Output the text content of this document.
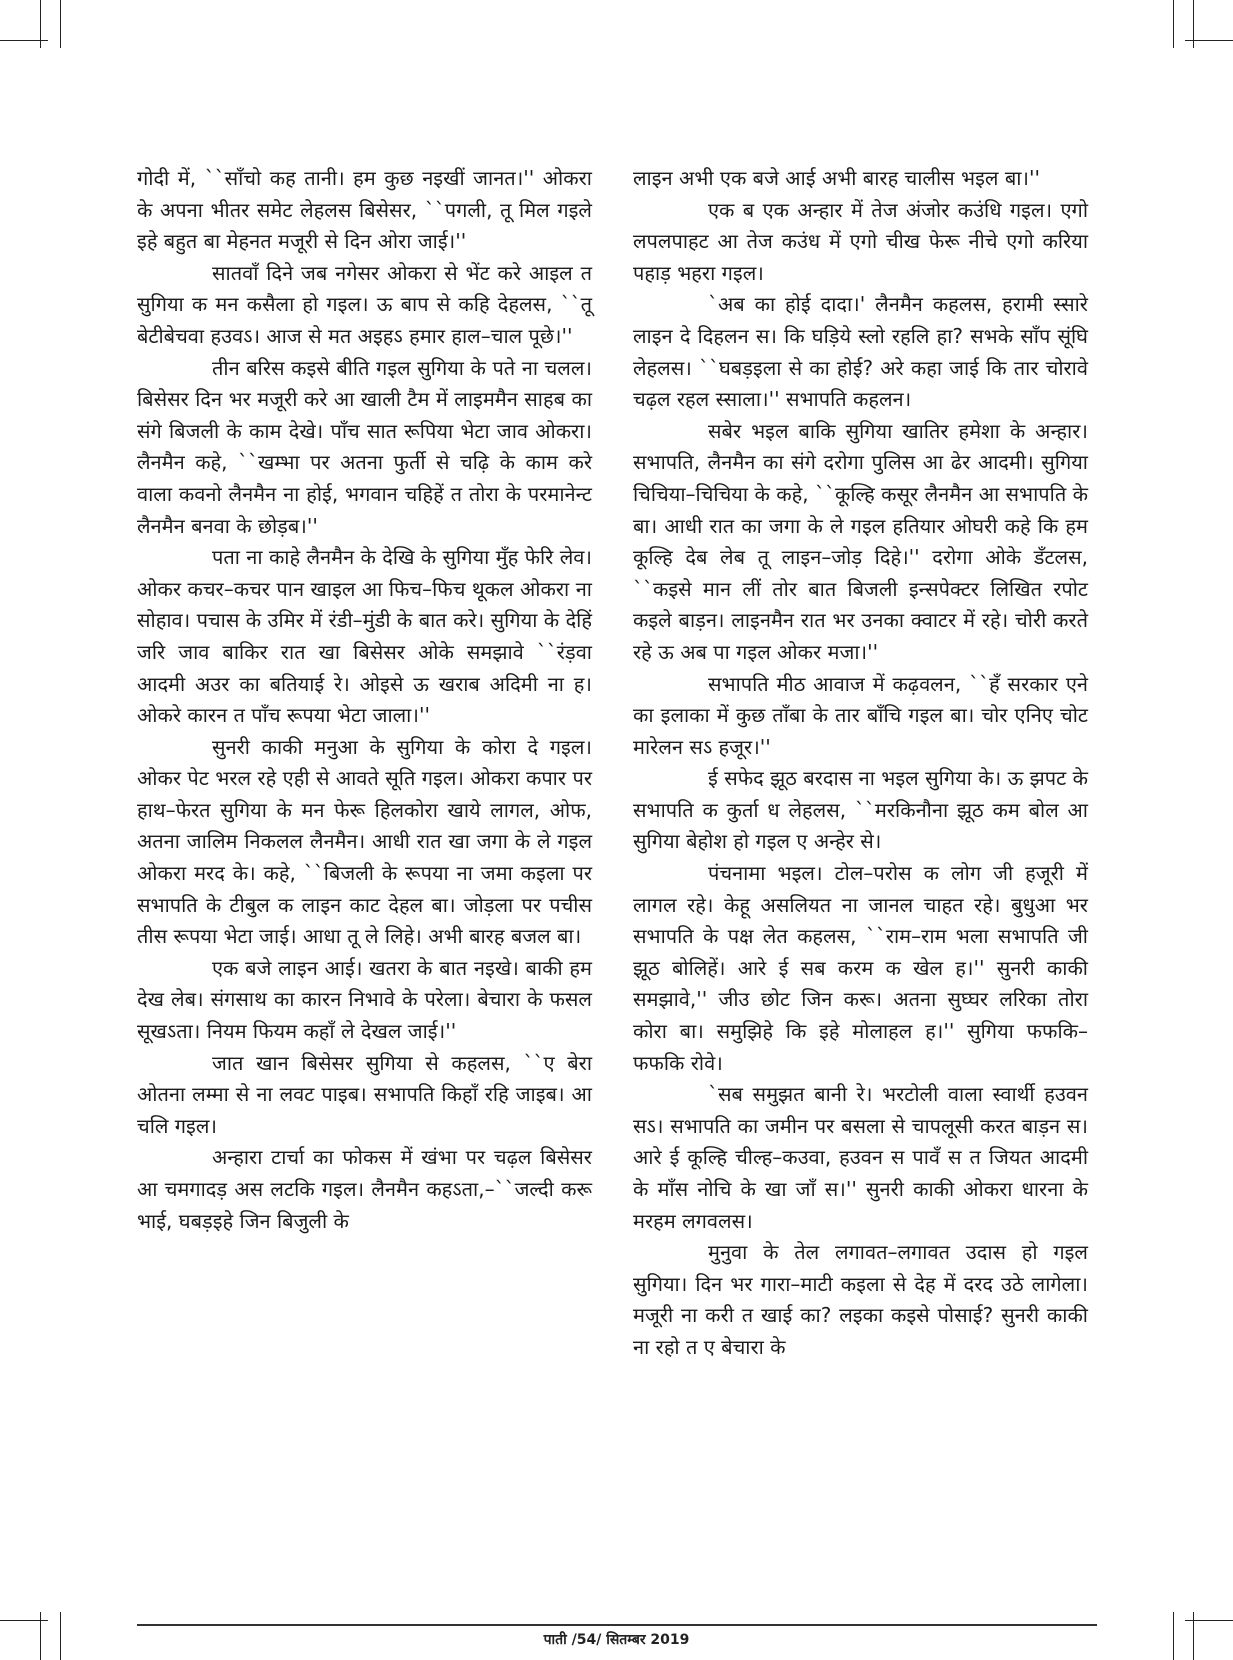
गोदी में, ``साँचो कह तानी। हम कुछ नइखीं जानत।'' ओकरा के अपना भीतर समेट लेहलस बिसेसर, ``पगली, तू मिल गइले इहे बहुत बा मेहनत मजूरी से दिन ओरा जाई।''

सातवाँ दिने जब नगेसर ओकरा से भेंट करे आइल त सुगिया क मन कसैला हो गइल। ऊ बाप से कहि देहलस, ``तू बेटीबेचवा हउवऽ। आज से मत अइहऽ हमार हाल–चाल पूछे।''

तीन बरिस कइसे बीति गइल सुगिया के पते ना चलल। बिसेसर दिन भर मजूरी करे आ खाली टैम में लाइममैन साहब का संगे बिजली के काम देखे। पाँच सात रूपिया भेटा जाव ओकरा। लैनमैन कहे, ``खम्भा पर अतना फुर्ती से चढ़ि के काम करे वाला कवनो लैनमैन ना होई, भगवान चहिहें त तोरा के परमानेन्ट लैनमैन बनवा के छोड़ब।''

पता ना काहे लैनमैन के देखि के सुगिया मुँह फेरि लेव। ओकर कचर–कचर पान खाइल आ फिच–फिच थूकल ओकरा ना सोहाव। पचास के उमिर में रंडी–मुंडी के बात करे। सुगिया के देहिं जरि जाव बाकिर रात खा बिसेसर ओके समझावे ``रंड़वा आदमी अउर का बतियाई रे। ओइसे ऊ खराब अदिमी ना ह। ओकरे कारन त पाँच रूपया भेटा जाला।''

सुनरी काकी मनुआ के सुगिया के कोरा दे गइल। ओकर पेट भरल रहे एही से आवते सूति गइल। ओकरा कपार पर हाथ–फेरत सुगिया के मन फेरू हिलकोरा खाये लागल, ओफ, अतना जालिम निकलल लैनमैन। आधी रात खा जगा के ले गइल ओकरा मरद के। कहे, ``बिजली के रूपया ना जमा कइला पर सभापति के टीबुल क लाइन काट देहल बा। जोड़ला पर पचीस तीस रूपया भेटा जाई। आधा तू ले लिहे। अभी बारह बजल बा।

एक बजे लाइन आई। खतरा के बात नइखे। बाकी हम देख लेब। संगसाथ का कारन निभावे के परेला। बेचारा के फसल सूखऽता। नियम फियम कहाँ ले देखल जाई।''

जात खान बिसेसर सुगिया से कहलस, ``ए बेरा ओतना लम्मा से ना लवट पाइब। सभापति किहाँ रहि जाइब। आ चलि गइल।

अन्हारा टार्चा का फोकस में खंभा पर चढ़ल बिसेसर आ चमगादड़ अस लटकि गइल। लैनमैन कहऽता,–``जल्दी करू भाई, घबड़इहे जिन बिजुली के

लाइन अभी एक बजे आई अभी बारह चालीस भइल बा।''

एक ब एक अन्हार में तेज अंजोर कउंधि गइल। एगो लपलपाहट आ तेज कउंध में एगो चीख फेरू नीचे एगो करिया पहाड़ भहरा गइल।

`अब का होई दादा।' लैनमैन कहलस, हरामी स्सारे लाइन दे दिहलन स। कि घड़िये स्लो रहलि हा? सभके साँप सूंघि लेहलस। ``घबड़इला से का होई? अरे कहा जाई कि तार चोरावे चढ़ल रहल स्साला।'' सभापति कहलन।

सबेर भइल बाकि सुगिया खातिर हमेशा के अन्हार। सभापति, लैनमैन का संगे दरोगा पुलिस आ ढेर आदमी। सुगिया चिचिया–चिचिया के कहे, ``कूल्हि कसूर लैनमैन आ सभापति के बा। आधी रात का जगा के ले गइल हतियार ओघरी कहे कि हम कूल्हि देब लेब तू लाइन–जोड़ दिहे।'' दरोगा ओके डॅंटलस, ``कइसे मान लीं तोर बात बिजली इन्सपेक्टर लिखित रपोट कइले बाड़न। लाइनमैन रात भर उनका क्वाटर में रहे। चोरी करते रहे ऊ अब पा गइल ओकर मजा।''

सभापति मीठ आवाज में कढ़वलन, ``हँ सरकार एने का इलाका में कुछ ताँबा के तार बाँचि गइल बा। चोर एनिए चोट मारेलन सऽ हजूर।''

ई सफेद झूठ बरदास ना भइल सुगिया के। ऊ झपट के सभापति क कुर्ता ध लेहलस, ``मरकिनौना झूठ कम बोल आ सुगिया बेहोश हो गइल ए अन्हेर से।

पंचनामा भइल। टोल–परोस क लोग जी हजूरी में लागल रहे। केहू असलियत ना जानल चाहत रहे। बुधुआ भर सभापति के पक्ष लेत कहलस, ``राम–राम भला सभापति जी झूठ बोलिहें। आरे ई सब करम क खेल ह।'' सुनरी काकी समझावे,'' जीउ छोट जिन करू। अतना सुघ्घर लरिका तोरा कोरा बा। समुझिहे कि इहे मोलाहल ह।'' सुगिया फफकि–फफकि रोवे।

`सब समुझत बानी रे। भरटोली वाला स्वार्थी हउवन सऽ। सभापति का जमीन पर बसला से चापलूसी करत बाड़न स। आरे ई कूल्हि चील्ह–कउवा, हउवन स पावँ स त जियत आदमी के माँस नोचि के खा जाँ स।'' सुनरी काकी ओकरा धारना के मरहम लगवलस।

मुनुवा के तेल लगावत–लगावत उदास हो गइल सुगिया। दिन भर गारा–माटी कइला से देह में दरद उठे लागेला। मजूरी ना करी त खाई का? लइका कइसे पोसाई? सुनरी काकी ना रहो त ए बेचारा के

पाती /54/ सितम्बर 2019
